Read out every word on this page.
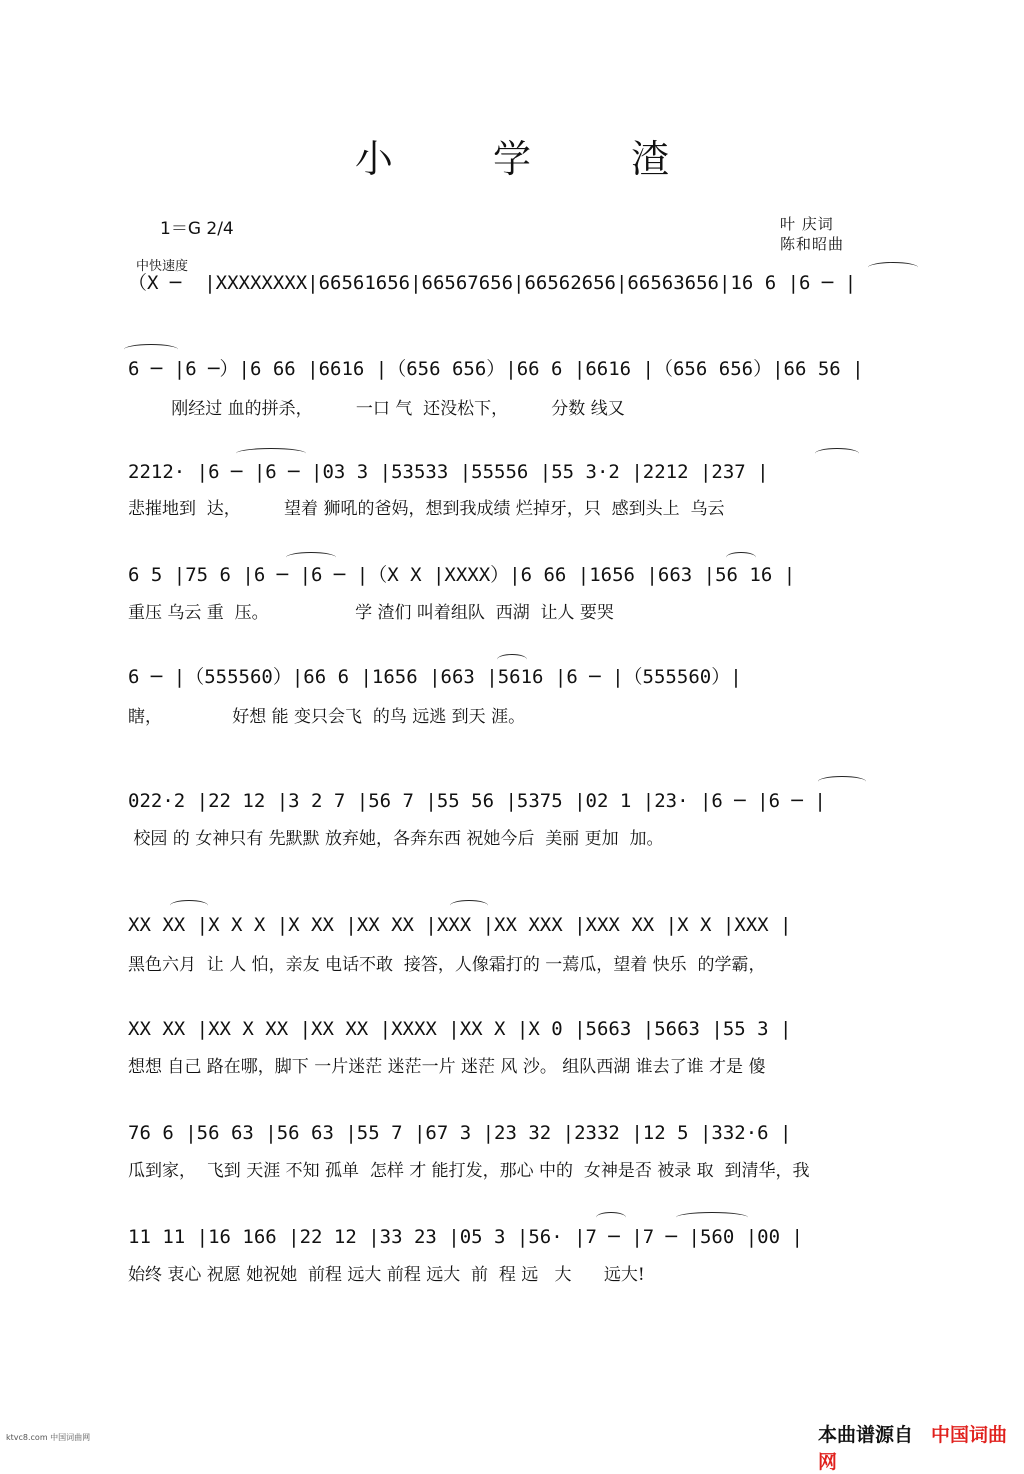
小 学 渣
1＝G 2/4
中快速度
叶 庆词
陈和昭曲
（X ─  |XXXXXXXX|66561656|66567656|66562656|66563656|16 6 |6 ─ |
6 ─ |6 ─）|6 66 |6616 |（656 656）|66 6 |6616 |（656 656）|66 56 |
刚经过 血的拼杀，        一口 气  还没松下，        分数 线又
2212· |6 ─ |6 ─ |03 3 |53533 |55556 |55 3·2 |2212 |237 |
悲摧地到  达，        望着 狮吼的爸妈，想到我成绩 烂掉牙，只  感到头上  乌云
6 5 |75 6 |6 ─ |6 ─ |（X X |XXXX）|6 66 |1656 |663 |56 16 |
重压 乌云 重  压。                学 渣们 叫着组队  西湖  让人 要哭
6 ─ |（555560）|66 6 |1656 |663 |5616 |6 ─ |（555560）|
瞎，             好想 能 变只会飞  的鸟 远逃 到天 涯。
022·2 |22 12 |3 2 7 |56 7 |55 56 |5375 |02 1 |23· |6 ─ |6 ─ |
校园 的 女神只有 先默默 放弃她，各奔东西 祝她今后  美丽 更加  加。
XX XX |X X X |X XX |XX XX |XXX |XX XXX |XXX XX |X X |XXX |
黑色六月  让 人 怕，亲友 电话不敢  接答，人像霜打的 一蔫瓜，望着 快乐  的学霸，
XX XX |XX X XX |XX XX |XXXX |XX X |X 0 |5663 |5663 |55 3 |
想想 自己 路在哪，脚下 一片迷茫 迷茫一片 迷茫 风 沙。 组队西湖 谁去了谁 才是 傻
76 6 |56 63 |56 63 |55 7 |67 3 |23 32 |2332 |12 5 |332·6 |
瓜到家，  飞到 天涯 不知 孤单  怎样 才 能打发，那心 中的  女神是否 被录 取  到清华，我
11 11 |16 166 |22 12 |33 23 |05 3 |56· |7 ─ |7 ─ |560 |00 |
始终 衷心 祝愿 她祝她  前程 远大 前程 远大  前  程 远   大      远大!
ktvc8.com 中国词曲网	本曲谱源自 中国词曲网
